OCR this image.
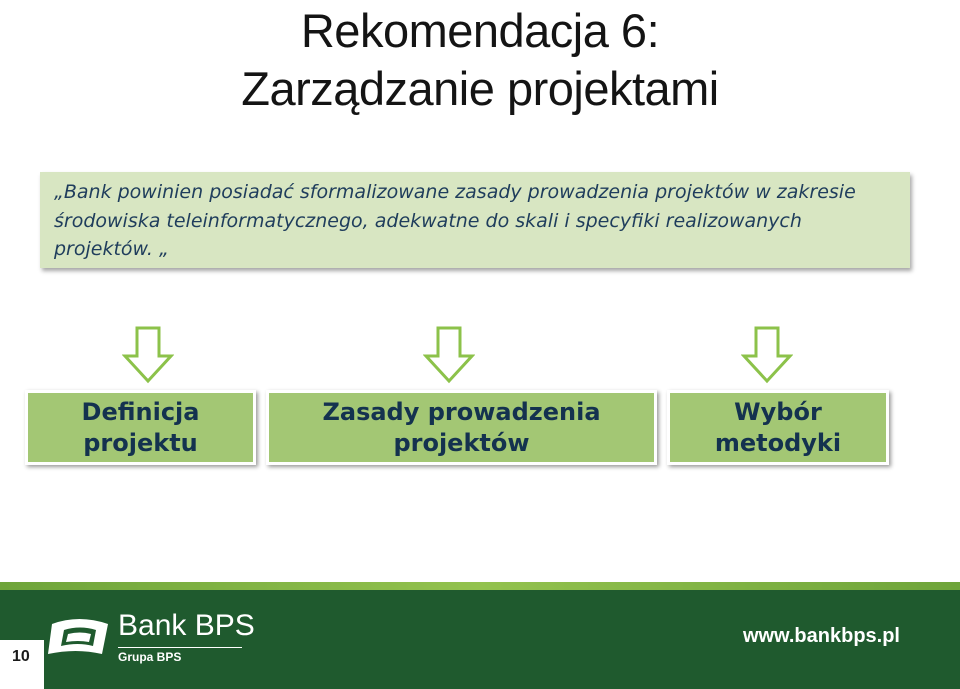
Rekomendacja 6:
Zarządzanie projektami

„Bank powinien posiadać sformalizowane zasady prowadzenia projektów w zakresie środowiska teleinformatycznego, adekwatne do skali i specyfiki realizowanych projektów. „

Definicja
projektu
Zasady prowadzenia
projektów
Wybór
metodyki
Bank BPS
Grupa BPS
www.bankbps.pl
10
